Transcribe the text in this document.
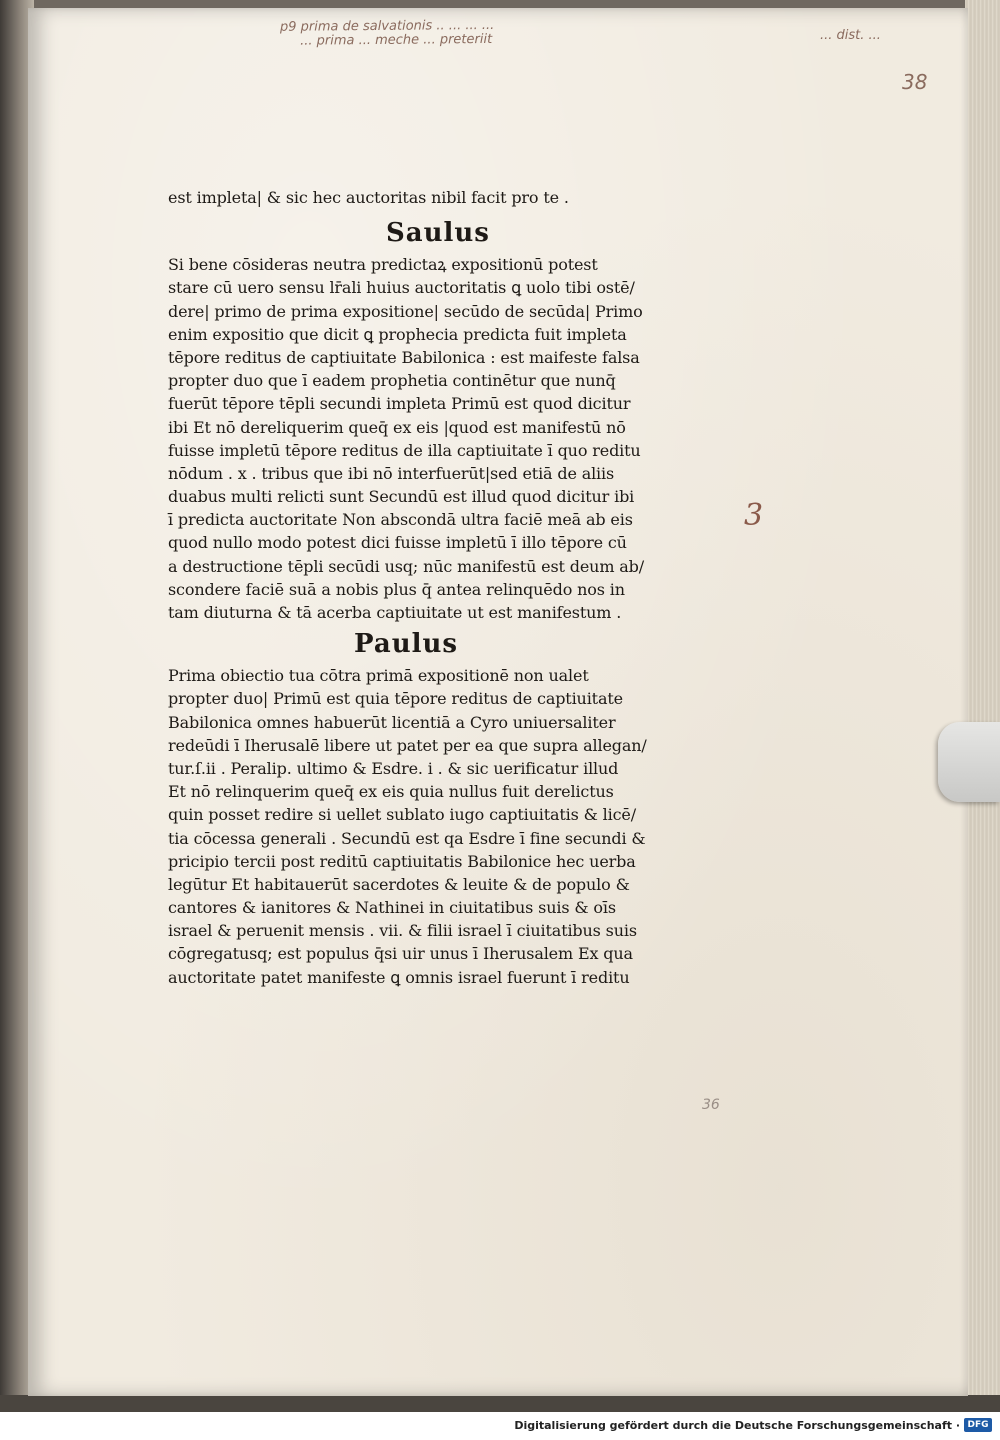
p9 prima de salvationis .. ... ... ...
... prima ... meche ... preteriit	... dist. ...
38
3
36
est impleta| & sic hec auctoritas nibil facit pro te .
Saulus
Si bene cōsideras neutra predictaꝝ expositionū potest
stare cū uero sensu lr̄ali huius auctoritatis ꝗ uolo tibi ostē/
dere| primo de prima expositione| secūdo de secūda| Primo
enim expositio que dicit ꝗ prophecia predicta fuit impleta
tēpore reditus de captiuitate Babilonica : est maifeste falsa
propter duo que ī eadem prophetia continētur que nunq̄
fuerūt tēpore tēpli secundi impleta Primū est quod dicitur
ibi Et nō dereliquerim queq̄ ex eis |quod est manifestū nō
fuisse impletū tēpore reditus de illa captiuitate ī quo reditu
nōdum . x . tribus que ibi nō interfuerūt|sed etiā de aliis
duabus multi relicti sunt Secundū est illud quod dicitur ibi
ī predicta auctoritate Non abscondā ultra faciē meā ab eis
quod nullo modo potest dici fuisse impletū ī illo tēpore cū
a destructione tēpli secūdi usq; nūc manifestū est deum ab/
scondere faciē suā a nobis plus q̄ antea relinquēdo nos in
tam diuturna & tā acerba captiuitate ut est manifestum .
Paulus
Prima obiectio tua cōtra primā expositionē non ualet
propter duo| Primū est quia tēpore reditus de captiuitate
Babilonica omnes habuerūt licentiā a Cyro uniuersaliter
redeūdi ī Iherusalē libere ut patet per ea que supra allegan/
tur.ſ.ii . Peralip. ultimo & Esdre. i . & sic uerificatur illud
Et nō relinquerim queq̄ ex eis quia nullus fuit derelictus
quin posset redire si uellet sublato iugo captiuitatis & licē/
tia cōcessa generali . Secundū est qa Esdre ī fine secundi &
pricipio tercii post reditū captiuitatis Babilonice hec uerba
legūtur Et habitauerūt sacerdotes & leuite & de populo &
cantores & ianitores & Nathinei in ciuitatibus suis & oīs
israel & peruenit mensis . vii. & filii israel ī ciuitatibus suis
cōgregatusq; est populus q̄si uir unus ī Iherusalem Ex qua
auctoritate patet manifeste ꝗ omnis israel fuerunt ī reditu
Digitalisierung gefördert durch die Deutsche Forschungsgemeinschaft · DFG
